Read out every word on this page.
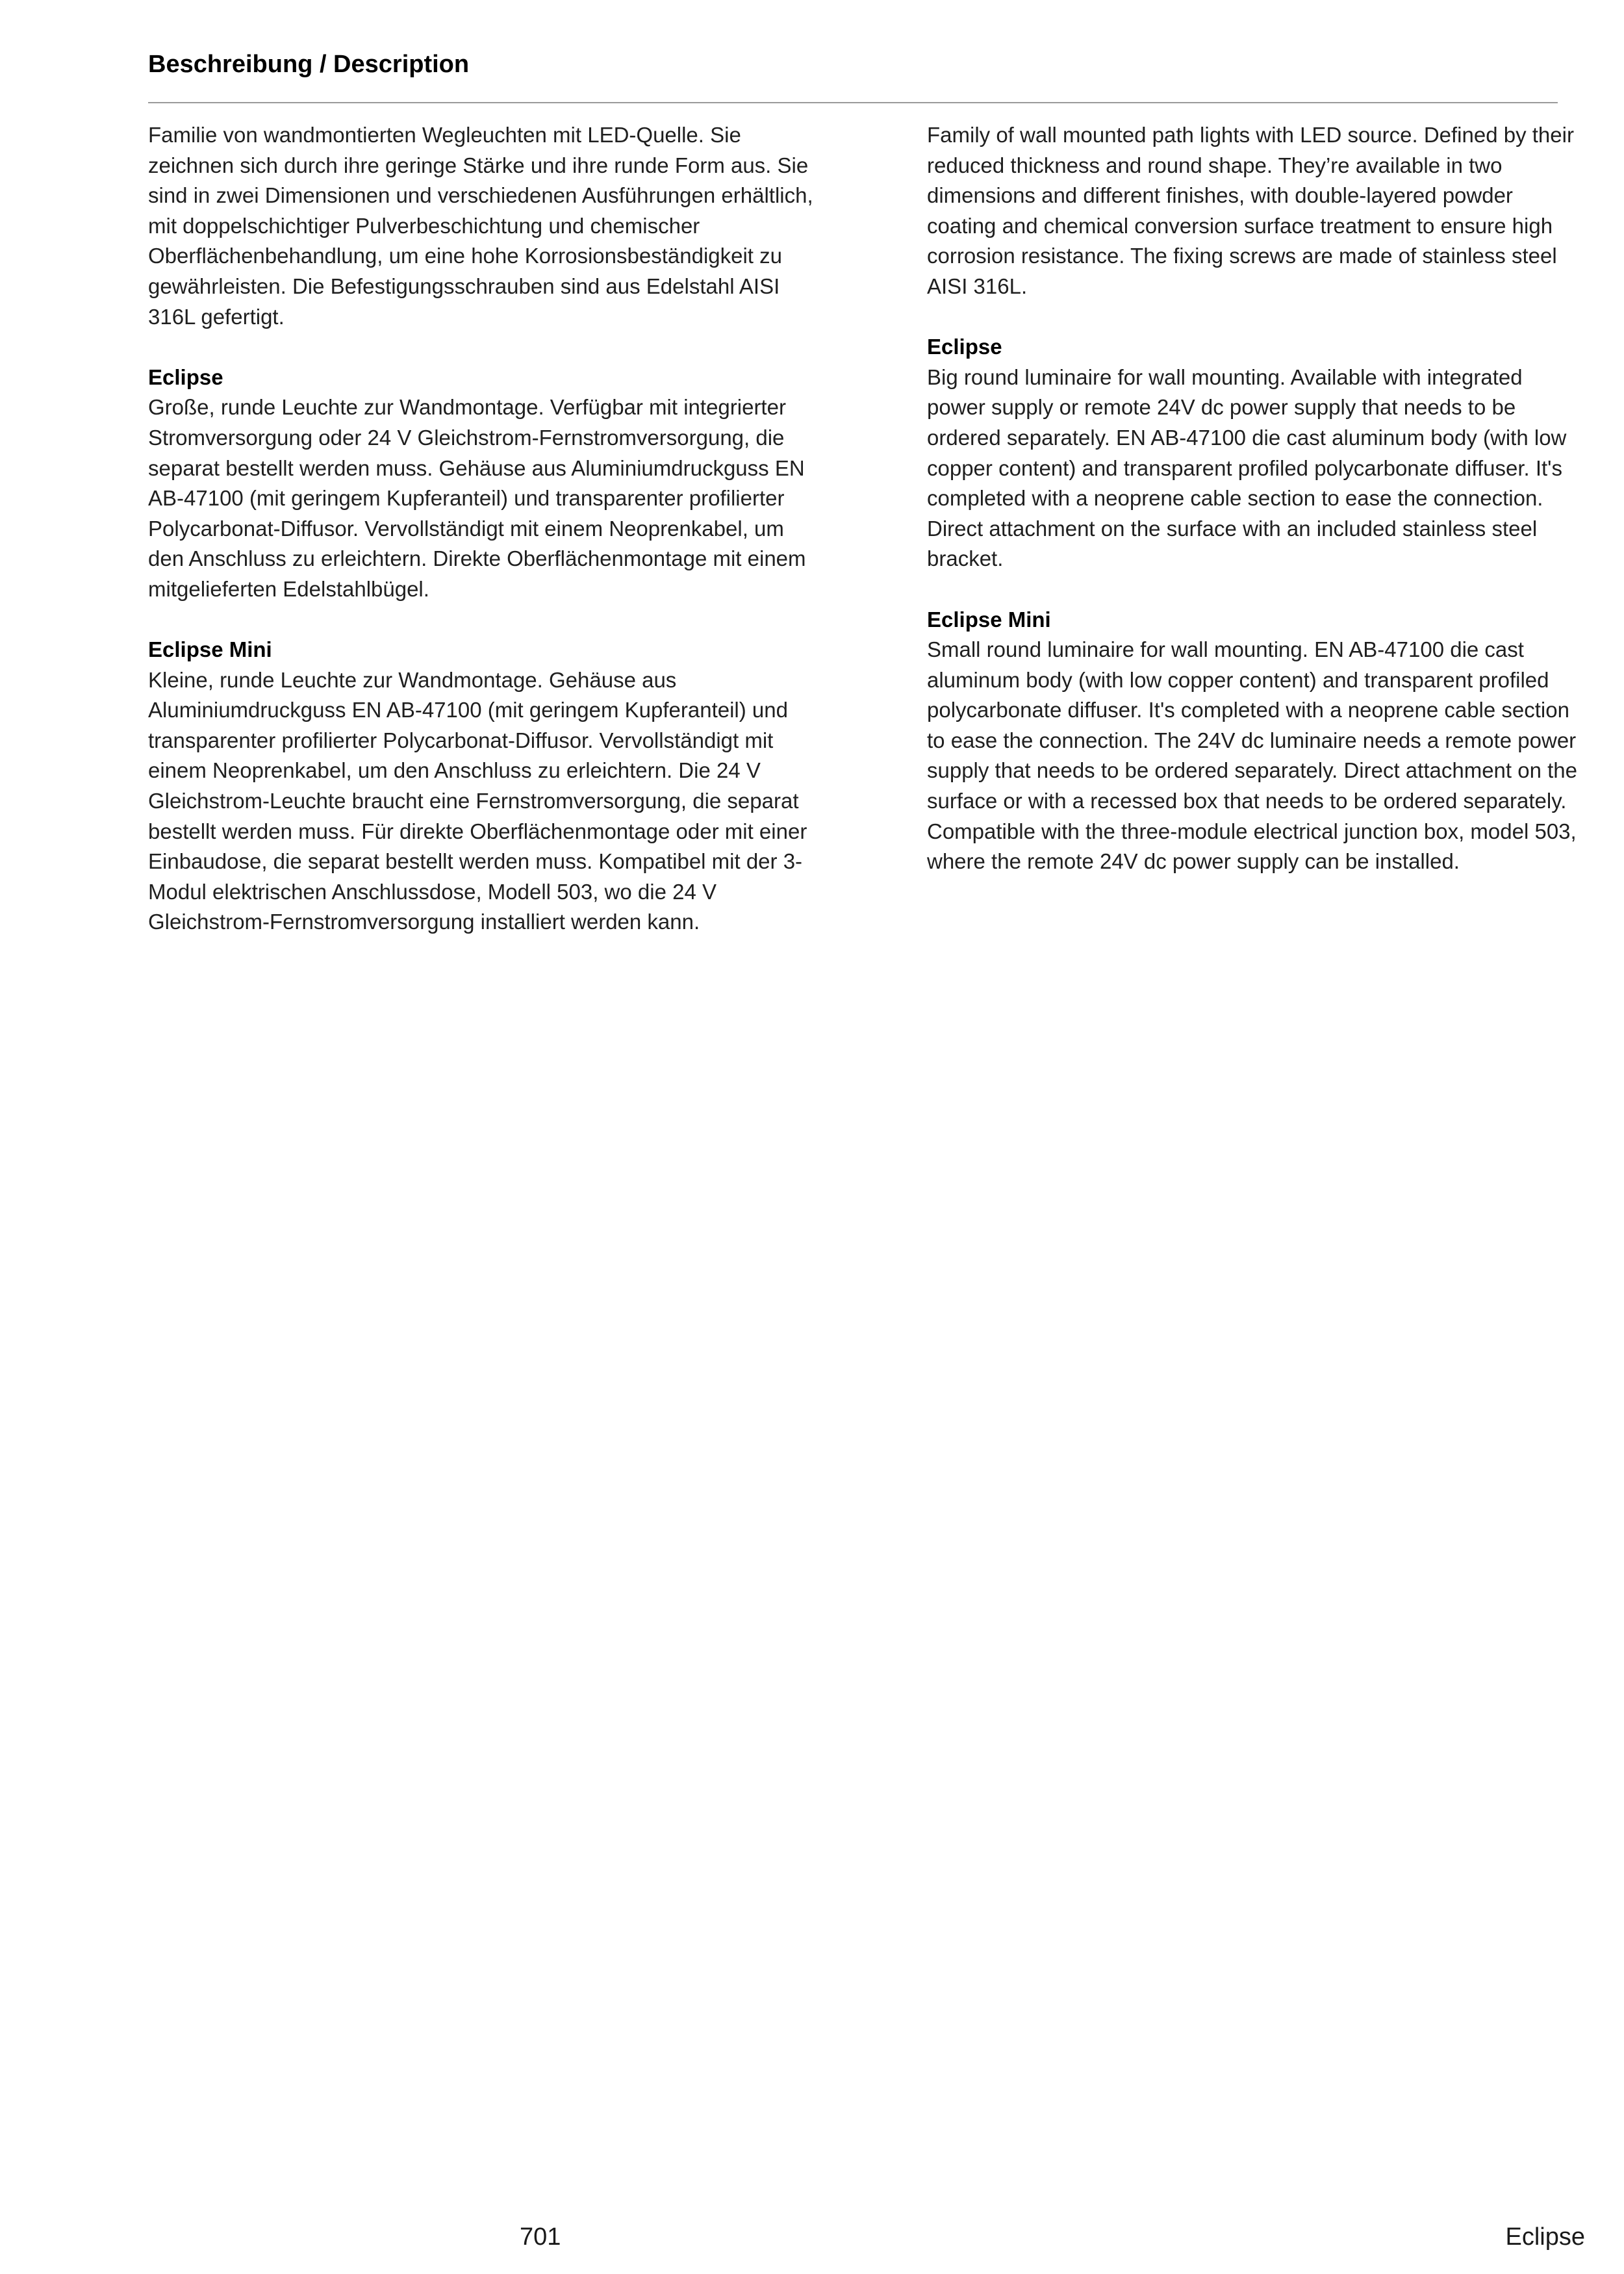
Beschreibung / Description

Familie von wandmontierten Wegleuchten mit LED-Quelle. Sie zeichnen sich durch ihre geringe Stärke und ihre runde Form aus. Sie sind in zwei Dimensionen und verschiedenen Ausführungen erhältlich, mit doppelschichtiger Pulverbeschichtung und chemischer Oberflächenbehandlung, um eine hohe Korrosionsbeständigkeit zu gewährleisten. Die Befestigungsschrauben sind aus Edelstahl AISI 316L gefertigt.

Eclipse

Große, runde Leuchte zur Wandmontage. Verfügbar mit integrierter Stromversorgung oder 24 V Gleichstrom-Fernstromversorgung, die separat bestellt werden muss. Gehäuse aus Aluminiumdruckguss EN AB-47100 (mit geringem Kupferanteil) und transparenter profilierter Polycarbonat-Diffusor. Vervollständigt mit einem Neoprenkabel, um den Anschluss zu erleichtern. Direkte Oberflächenmontage mit einem mitgelieferten Edelstahlbügel.

Eclipse Mini

Kleine, runde Leuchte zur Wandmontage. Gehäuse aus Aluminiumdruckguss EN AB-47100 (mit geringem Kupferanteil) und transparenter profilierter Polycarbonat-Diffusor. Vervollständigt mit einem Neoprenkabel, um den Anschluss zu erleichtern. Die 24 V Gleichstrom-Leuchte braucht eine Fernstromversorgung, die separat bestellt werden muss. Für direkte Oberflächenmontage oder mit einer Einbaudose, die separat bestellt werden muss. Kompatibel mit der 3-Modul elektrischen Anschlussdose, Modell 503, wo die 24 V Gleichstrom-Fernstromversorgung installiert werden kann.

Family of wall mounted path lights with LED source. Defined by their reduced thickness and round shape. They’re available in two dimensions and different finishes, with double-layered powder coating and chemical conversion surface treatment to ensure high corrosion resistance. The fixing screws are made of stainless steel AISI 316L.

Eclipse

Big round luminaire for wall mounting. Available with integrated power supply or remote 24V dc power supply that needs to be ordered separately. EN AB-47100 die cast aluminum body (with low copper content) and transparent profiled polycarbonate diffuser. It's completed with a neoprene cable section to ease the connection. Direct attachment on the surface with an included stainless steel bracket.

Eclipse Mini

Small round luminaire for wall mounting. EN AB-47100 die cast aluminum body (with low copper content) and transparent profiled polycarbonate diffuser. It's completed with a neoprene cable section to ease the connection. The 24V dc luminaire needs a remote power supply that needs to be ordered separately. Direct attachment on the surface or with a recessed box that needs to be ordered separately. Compatible with the three-module electrical junction box, model 503, where the remote 24V dc power supply can be installed.

701	Eclipse
